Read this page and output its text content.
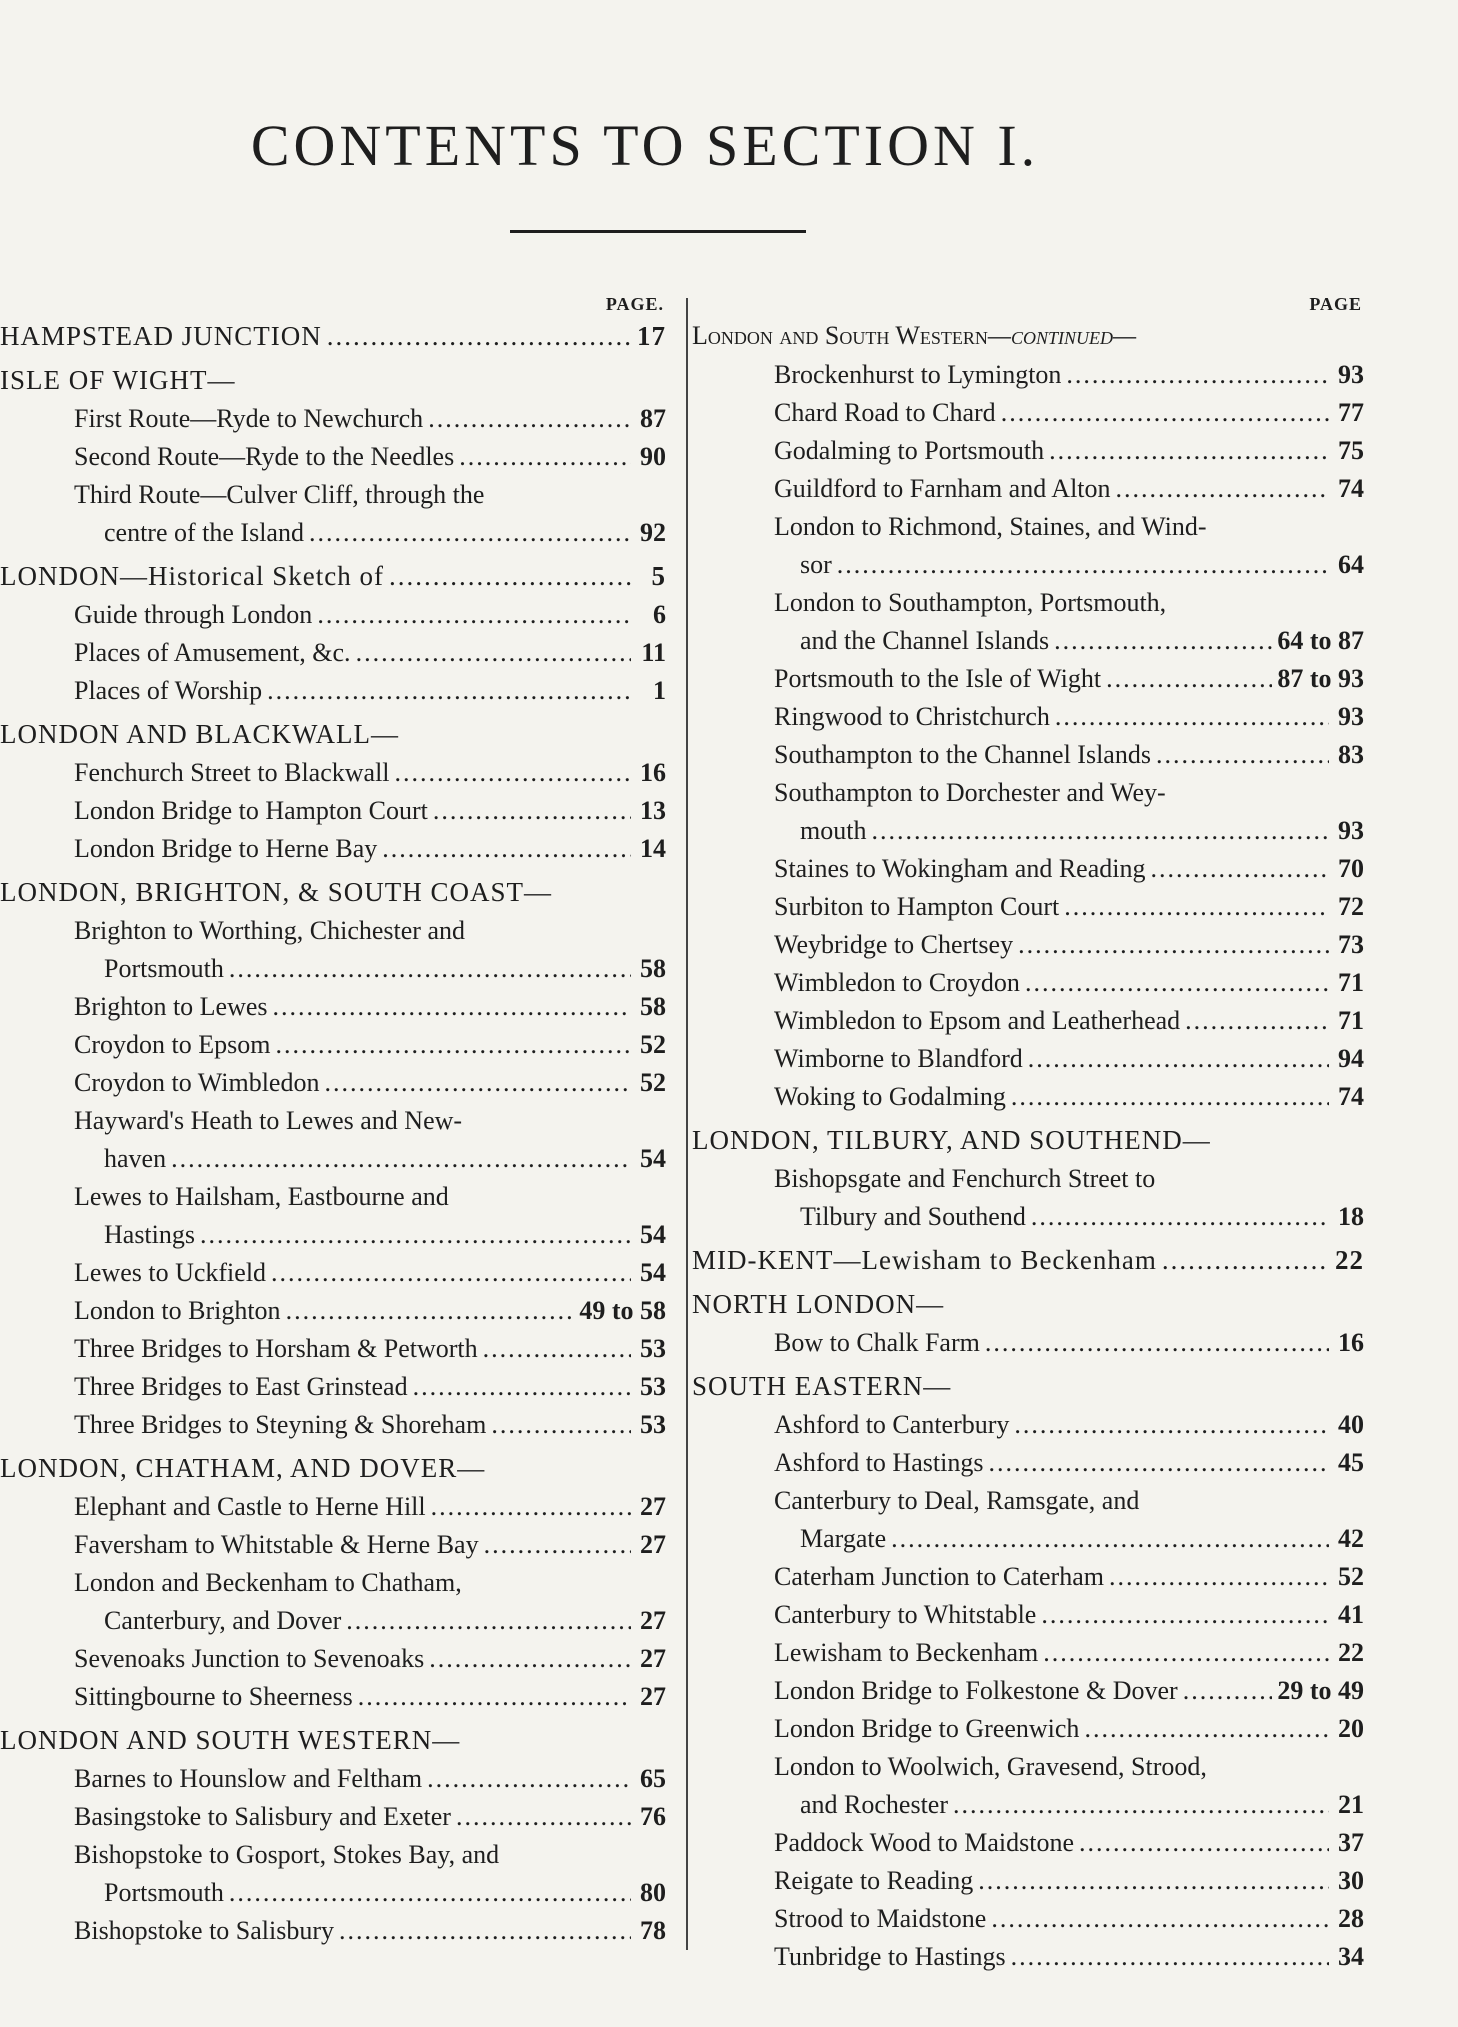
CONTENTS TO SECTION I.
PAGE.
HAMPSTEAD JUNCTION .....	17
ISLE OF WIGHT—
First Route—Ryde to Newchurch .....	87
Second Route—Ryde to the Needles .....	90
Third Route—Culver Cliff, through the
centre of the Island .....	92
LONDON—Historical Sketch of .....	5
Guide through London .....	6
Places of Amusement, &c. .....	11
Places of Worship .....	1
LONDON AND BLACKWALL—
Fenchurch Street to Blackwall .....	16
London Bridge to Hampton Court .....	13
London Bridge to Herne Bay .....	14
LONDON, BRIGHTON, & SOUTH COAST—
Brighton to Worthing, Chichester and
Portsmouth .....	58
Brighton to Lewes .....	58
Croydon to Epsom .....	52
Croydon to Wimbledon .....	52
Hayward's Heath to Lewes and New-
haven .....	54
Lewes to Hailsham, Eastbourne and
Hastings .....	54
Lewes to Uckfield .....	54
London to Brighton .....	49 to 58
Three Bridges to Horsham & Petworth .....	53
Three Bridges to East Grinstead .....	53
Three Bridges to Steyning & Shoreham .....	53
LONDON, CHATHAM, AND DOVER—
Elephant and Castle to Herne Hill .....	27
Faversham to Whitstable & Herne Bay .....	27
London and Beckenham to Chatham,
Canterbury, and Dover .....	27
Sevenoaks Junction to Sevenoaks .....	27
Sittingbourne to Sheerness .....	27
LONDON AND SOUTH WESTERN—
Barnes to Hounslow and Feltham .....	65
Basingstoke to Salisbury and Exeter .....	76
Bishopstoke to Gosport, Stokes Bay, and
Portsmouth .....	80
Bishopstoke to Salisbury .....	78
PAGE
London and South Western—continued—
Brockenhurst to Lymington .....	93
Chard Road to Chard .....	77
Godalming to Portsmouth .....	75
Guildford to Farnham and Alton .....	74
London to Richmond, Staines, and Wind-
sor .....	64
London to Southampton, Portsmouth,
and the Channel Islands .....	64 to 87
Portsmouth to the Isle of Wight .....	87 to 93
Ringwood to Christchurch .....	93
Southampton to the Channel Islands .....	83
Southampton to Dorchester and Wey-
mouth .....	93
Staines to Wokingham and Reading .....	70
Surbiton to Hampton Court .....	72
Weybridge to Chertsey .....	73
Wimbledon to Croydon .....	71
Wimbledon to Epsom and Leatherhead .....	71
Wimborne to Blandford .....	94
Woking to Godalming .....	74
LONDON, TILBURY, AND SOUTHEND—
Bishopsgate and Fenchurch Street to
Tilbury and Southend .....	18
MID-KENT—Lewisham to Beckenham .....	22
NORTH LONDON—
Bow to Chalk Farm .....	16
SOUTH EASTERN—
Ashford to Canterbury .....	40
Ashford to Hastings .....	45
Canterbury to Deal, Ramsgate, and
Margate .....	42
Caterham Junction to Caterham .....	52
Canterbury to Whitstable .....	41
Lewisham to Beckenham .....	22
London Bridge to Folkestone & Dover .....	29 to 49
London Bridge to Greenwich .....	20
London to Woolwich, Gravesend, Strood,
and Rochester .....	21
Paddock Wood to Maidstone .....	37
Reigate to Reading .....	30
Strood to Maidstone .....	28
Tunbridge to Hastings .....	34
